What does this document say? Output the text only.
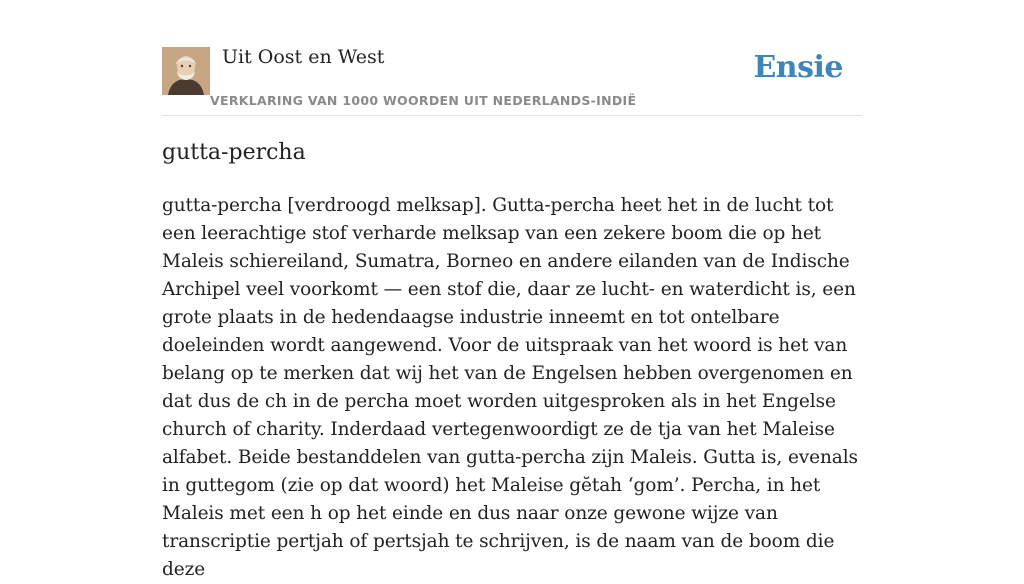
Uit Oost en West
VERKLARING VAN 1000 WOORDEN UIT NEDERLANDS-INDIË
Ensie
gutta-percha

gutta-percha [verdroogd melksap]. Gutta-percha heet het in de lucht tot een leerachtige stof verharde melksap van een zekere boom die op het Maleis schiereiland, Sumatra, Borneo en andere eilanden van de Indische Archipel veel voorkomt — een stof die, daar ze lucht- en waterdicht is, een grote plaats in de hedendaagse industrie inneemt en tot ontelbare doeleinden wordt aangewend. Voor de uitspraak van het woord is het van belang op te merken dat wij het van de Engelsen hebben overgenomen en dat dus de ch in de percha moet worden uitgesproken als in het Engelse church of charity. Inderdaad vertegenwoordigt ze de tja van het Maleise alfabet. Beide bestanddelen van gutta-percha zijn Maleis. Gutta is, evenals in guttegom (zie op dat woord) het Maleise gĕtah ‘gom’. Percha, in het Maleis met een h op het einde en dus naar onze gewone wijze van transcriptie pertjah of pertsjah te schrijven, is de naam van de boom die deze
